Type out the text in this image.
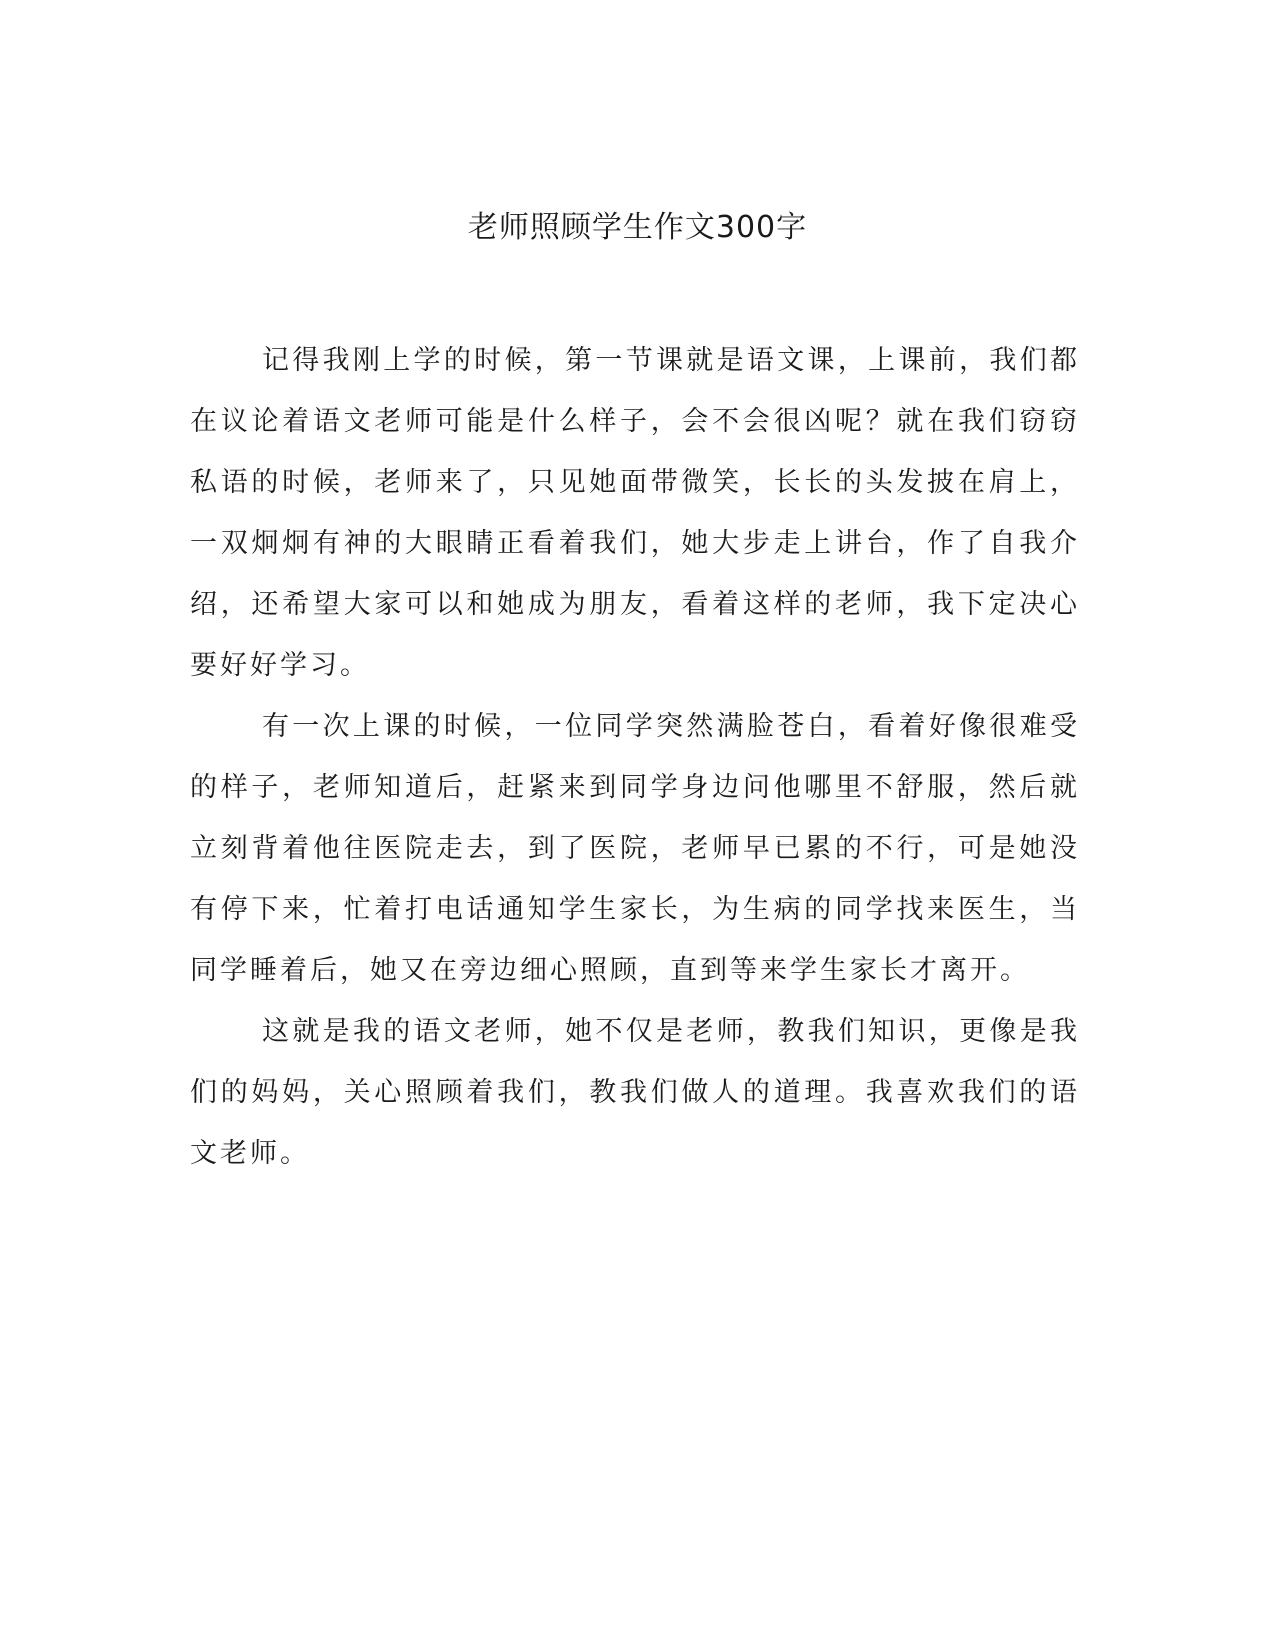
老师照顾学生作文300字

记得我刚上学的时候，第一节课就是语文课，上课前，我们都在议论着语文老师可能是什么样子，会不会很凶呢？就在我们窃窃私语的时候，老师来了，只见她面带微笑，长长的头发披在肩上，一双炯炯有神的大眼睛正看着我们，她大步走上讲台，作了自我介绍，还希望大家可以和她成为朋友，看着这样的老师，我下定决心要好好学习。

有一次上课的时候，一位同学突然满脸苍白，看着好像很难受的样子，老师知道后，赶紧来到同学身边问他哪里不舒服，然后就立刻背着他往医院走去，到了医院，老师早已累的不行，可是她没有停下来，忙着打电话通知学生家长，为生病的同学找来医生，当同学睡着后，她又在旁边细心照顾，直到等来学生家长才离开。

这就是我的语文老师，她不仅是老师，教我们知识，更像是我们的妈妈，关心照顾着我们，教我们做人的道理。我喜欢我们的语文老师。
